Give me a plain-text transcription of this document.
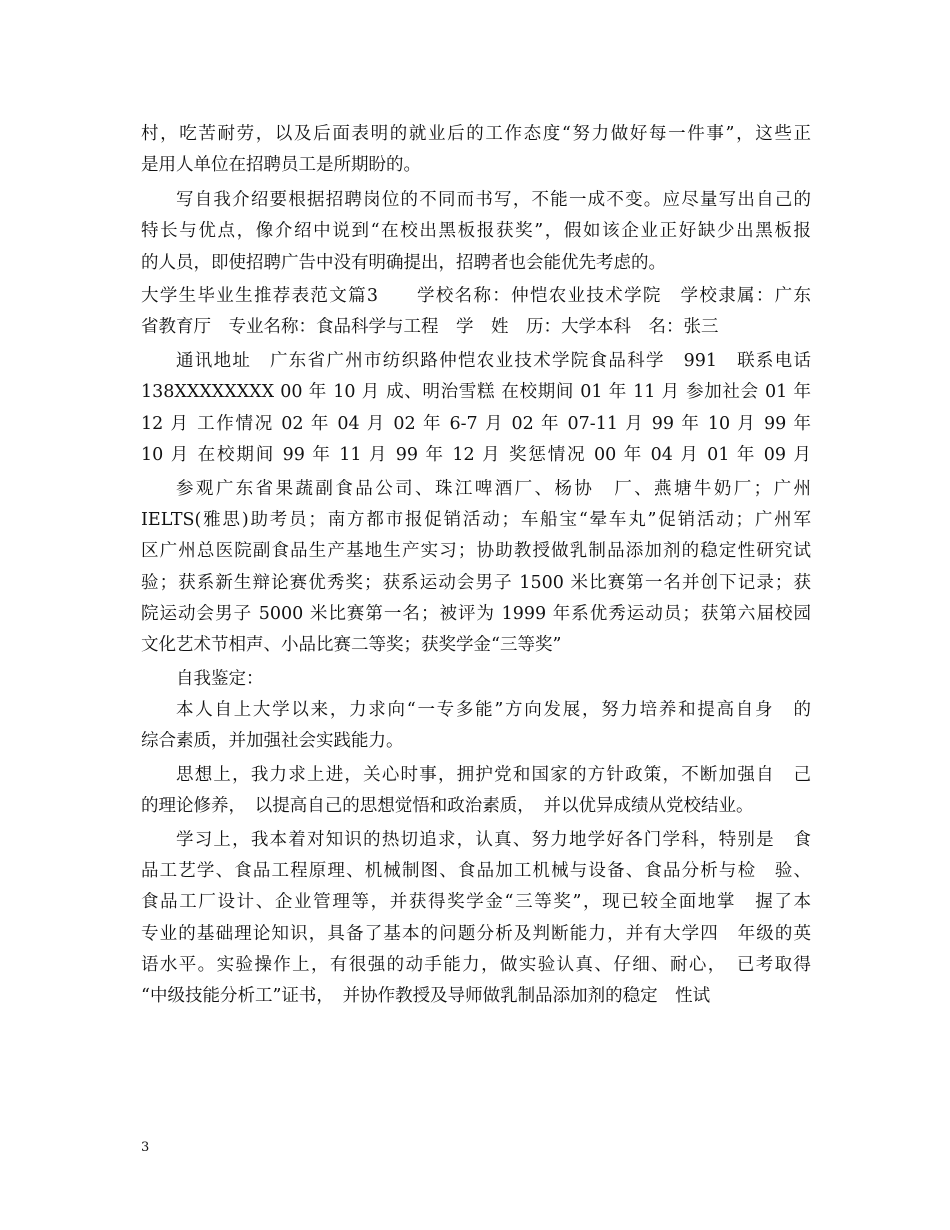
村，吃苦耐劳，以及后面表明的就业后的工作态度“努力做好每一件事”，这些正
是用人单位在招聘员工是所期盼的。
写自我介绍要根据招聘岗位的不同而书写，不能一成不变。应尽量写出自己的
特长与优点，像介绍中说到“在校出黑板报获奖”，假如该企业正好缺少出黑板报
的人员，即使招聘广告中没有明确提出，招聘者也会能优先考虑的。
大学生毕业生推荐表范文篇3　　学校名称：仲恺农业技术学院　学校隶属：广东
省教育厅　专业名称：食品科学与工程　学　姓　历：大学本科　名：张三
通讯地址　广东省广州市纺织路仲恺农业技术学院食品科学　991　联系电话
138XXXXXXXX 00 年 10 月 成、明治雪糕 在校期间 01 年 11 月 参加社会 01 年
12 月 工作情况 02 年 04 月 02 年 6-7 月 02 年 07-11 月 99 年 10 月 99 年
10 月 在校期间 99 年 11 月 99 年 12 月 奖惩情况 00 年 04 月 01 年 09 月
参观广东省果蔬副食品公司、珠江啤酒厂、杨协　厂、燕塘牛奶厂；广州
IELTS(雅思)助考员；南方都市报促销活动；车船宝“晕车丸”促销活动；广州军
区广州总医院副食品生产基地生产实习；协助教授做乳制品添加剂的稳定性研究试
验；获系新生辩论赛优秀奖；获系运动会男子 1500 米比赛第一名并创下记录；获
院运动会男子 5000 米比赛第一名；被评为 1999 年系优秀运动员；获第六届校园
文化艺术节相声、小品比赛二等奖；获奖学金“三等奖”
自我鉴定：
本人自上大学以来，力求向“一专多能”方向发展，努力培养和提高自身　的
综合素质，并加强社会实践能力。
思想上，我力求上进，关心时事，拥护党和国家的方针政策，不断加强自　己
的理论修养，　以提高自己的思想觉悟和政治素质，　并以优异成绩从党校结业。
学习上，我本着对知识的热切追求，认真、努力地学好各门学科，特别是　食
品工艺学、食品工程原理、机械制图、食品加工机械与设备、食品分析与检　验、
食品工厂设计、企业管理等，并获得奖学金“三等奖”，现已较全面地掌　握了本
专业的基础理论知识，具备了基本的问题分析及判断能力，并有大学四　年级的英
语水平。实验操作上，有很强的动手能力，做实验认真、仔细、耐心，　已考取得
“中级技能分析工”证书，　并协作教授及导师做乳制品添加剂的稳定　性试
3
